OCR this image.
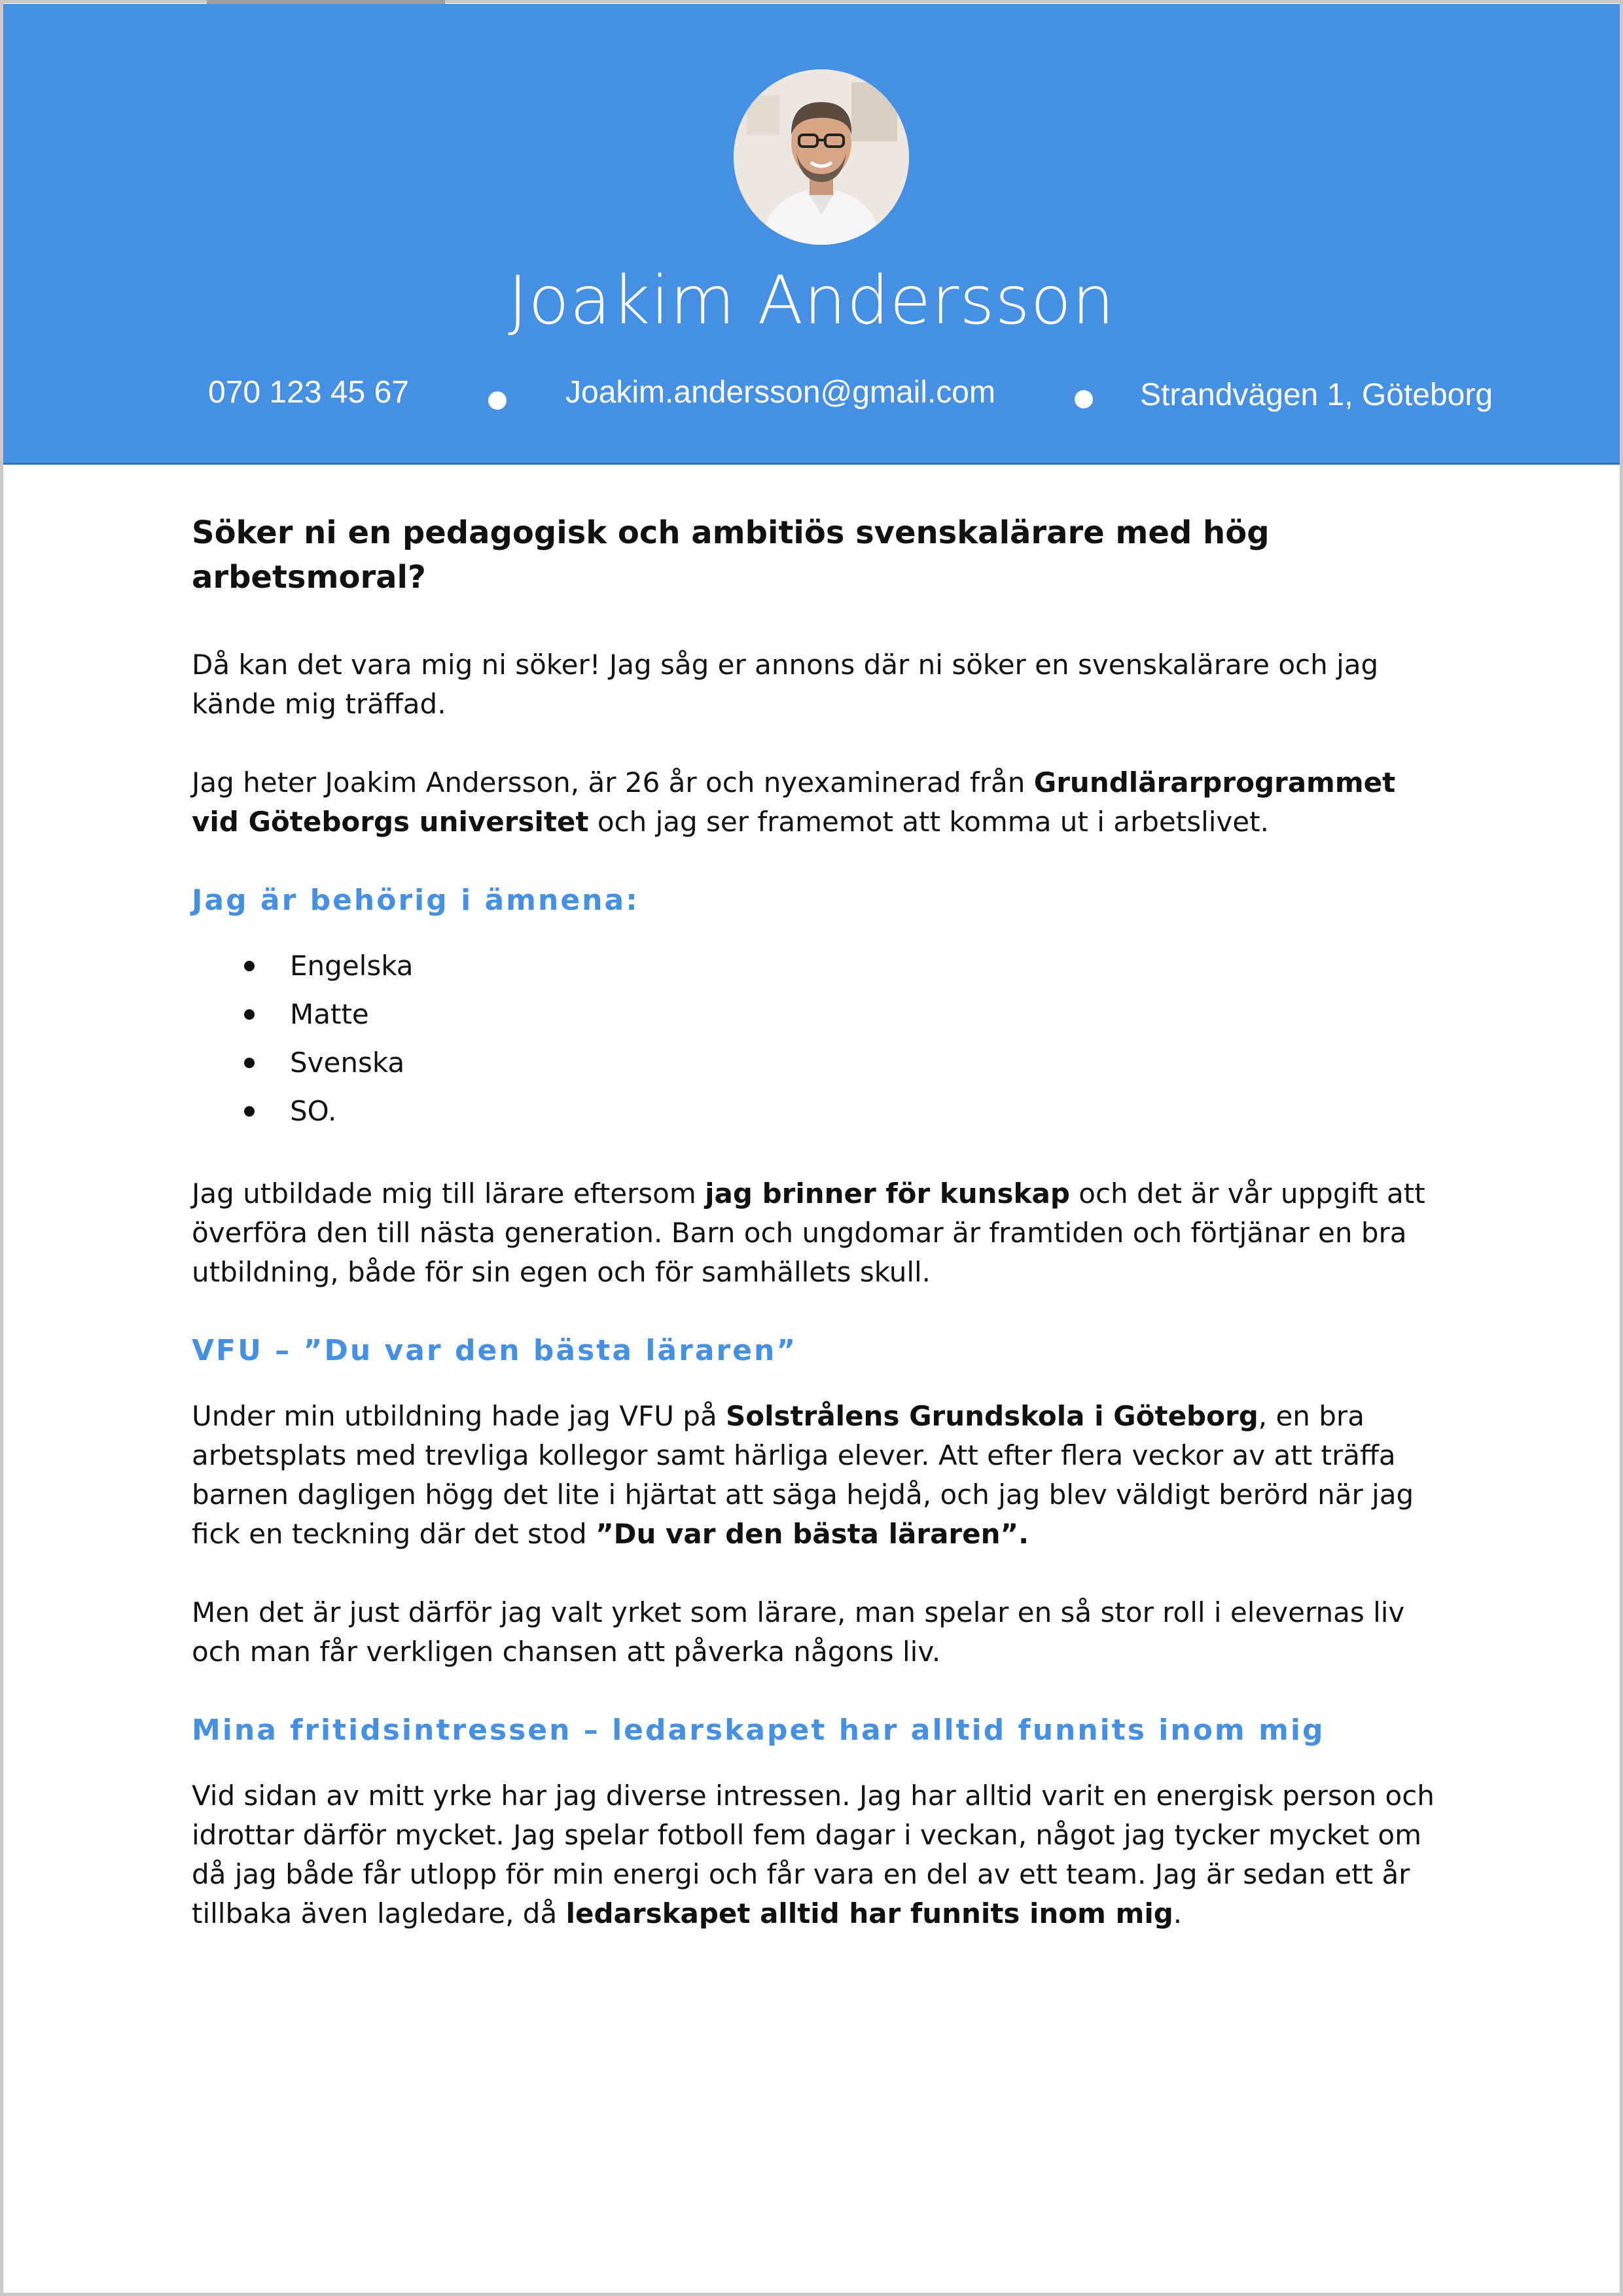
Joakim Andersson
070 123 45 67	Joakim.andersson@gmail.com	Strandvägen 1, Göteborg

Söker ni en pedagogisk och ambitiös svenskalärare med hög arbetsmoral?

Då kan det vara mig ni söker! Jag såg er annons där ni söker en svenskalärare och jag kände mig träffad.

Jag heter Joakim Andersson, är 26 år och nyexaminerad från Grundlärarprogrammet vid Göteborgs universitet och jag ser framemot att komma ut i arbetslivet.

Jag är behörig i ämnena:
Engelska
Matte
Svenska
SO.

Jag utbildade mig till lärare eftersom jag brinner för kunskap och det är vår uppgift att överföra den till nästa generation. Barn och ungdomar är framtiden och förtjänar en bra utbildning, både för sin egen och för samhällets skull.

VFU – ”Du var den bästa läraren”

Under min utbildning hade jag VFU på Solstrålens Grundskola i Göteborg, en bra arbetsplats med trevliga kollegor samt härliga elever. Att efter flera veckor av att träffa barnen dagligen högg det lite i hjärtat att säga hejdå, och jag blev väldigt berörd när jag fick en teckning där det stod ”Du var den bästa läraren”.

Men det är just därför jag valt yrket som lärare, man spelar en så stor roll i elevernas liv och man får verkligen chansen att påverka någons liv.

Mina fritidsintressen – ledarskapet har alltid funnits inom mig

Vid sidan av mitt yrke har jag diverse intressen. Jag har alltid varit en energisk person och idrottar därför mycket. Jag spelar fotboll fem dagar i veckan, något jag tycker mycket om då jag både får utlopp för min energi och får vara en del av ett team. Jag är sedan ett år tillbaka även lagledare, då ledarskapet alltid har funnits inom mig.
